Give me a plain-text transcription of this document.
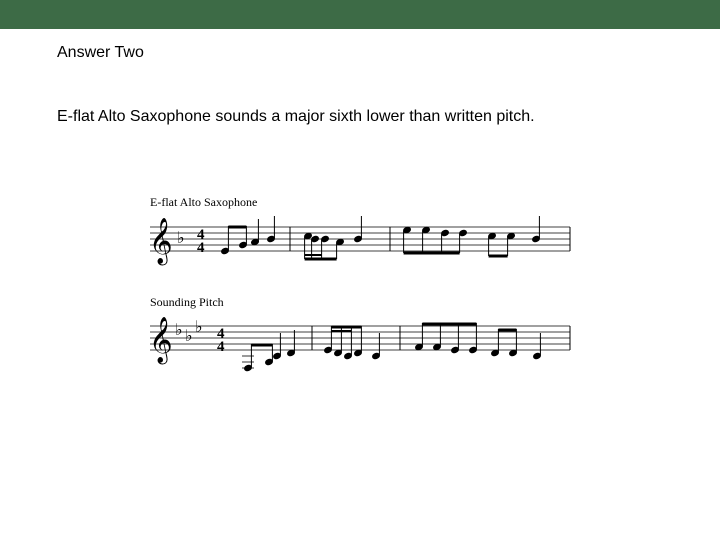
Answer Two
E-flat Alto Saxophone sounds a major sixth lower than written pitch.
E-flat Alto Saxophone
𝄞 ♭ 4
4
Sounding Pitch
𝄞 ♭ ♭ ♭ 4
4
